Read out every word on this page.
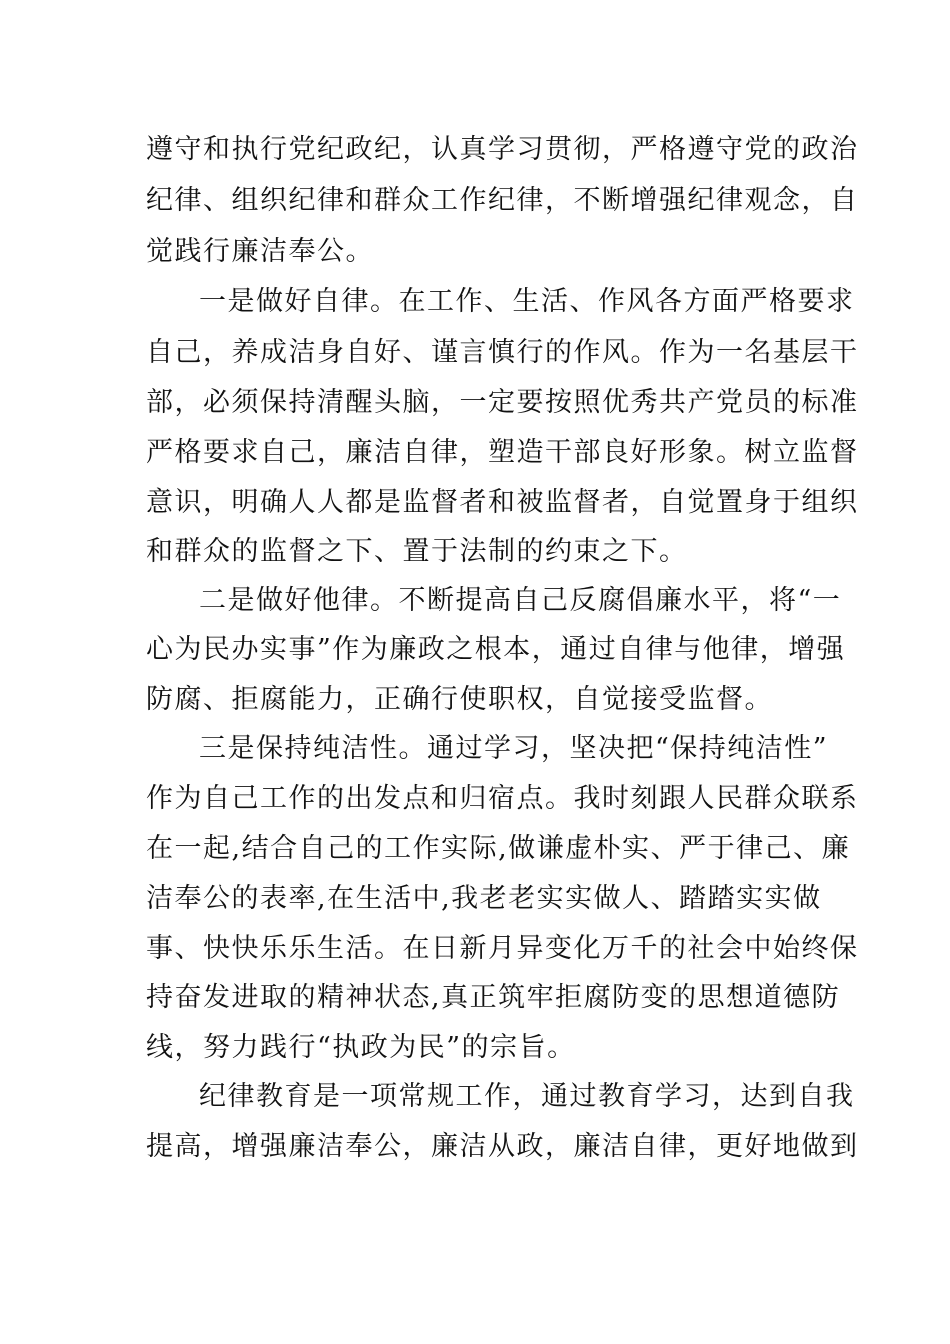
遵守和执行党纪政纪，认真学习贯彻，严格遵守党的政治
纪律、组织纪律和群众工作纪律，不断增强纪律观念，自
觉践行廉洁奉公。
一是做好自律。在工作、生活、作风各方面严格要求
自己，养成洁身自好、谨言慎行的作风。作为一名基层干
部，必须保持清醒头脑，一定要按照优秀共产党员的标准
严格要求自己，廉洁自律，塑造干部良好形象。树立监督
意识，明确人人都是监督者和被监督者，自觉置身于组织
和群众的监督之下、置于法制的约束之下。
二是做好他律。不断提高自己反腐倡廉水平，将“一
心为民办实事”作为廉政之根本，通过自律与他律，增强
防腐、拒腐能力，正确行使职权，自觉接受监督。
三是保持纯洁性。通过学习，坚决把“保持纯洁性”
作为自己工作的出发点和归宿点。我时刻跟人民群众联系
在一起,结合自己的工作实际,做谦虚朴实、严于律己、廉
洁奉公的表率,在生活中,我老老实实做人、踏踏实实做
事、快快乐乐生活。在日新月异变化万千的社会中始终保
持奋发进取的精神状态,真正筑牢拒腐防变的思想道德防
线，努力践行“执政为民”的宗旨。
纪律教育是一项常规工作，通过教育学习，达到自我
提高，增强廉洁奉公，廉洁从政，廉洁自律，更好地做到
